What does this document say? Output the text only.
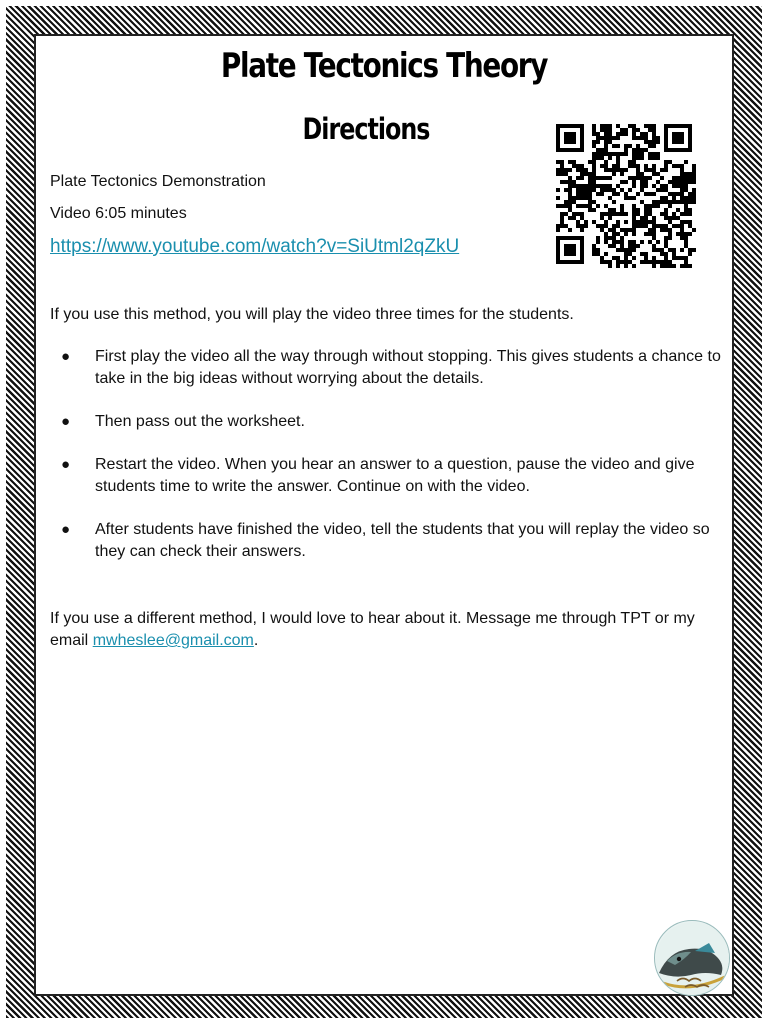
Plate Tectonics Theory
Directions
Plate Tectonics Demonstration
Video 6:05 minutes
https://www.youtube.com/watch?v=SiUtml2qZkU
If you use this method, you will play the video three times for the students.
● First play the video all the way through without stopping. This gives students a chance to take in the big ideas without worrying about the details.
● Then pass out the worksheet.
● Restart the video. When you hear an answer to a question, pause the video and give students time to write the answer. Continue on with the video.
● After students have finished the video, tell the students that you will replay the video so they can check their answers.
If you use a different method, I would love to hear about it. Message me through TPT or my email mwheslee@gmail.com.
